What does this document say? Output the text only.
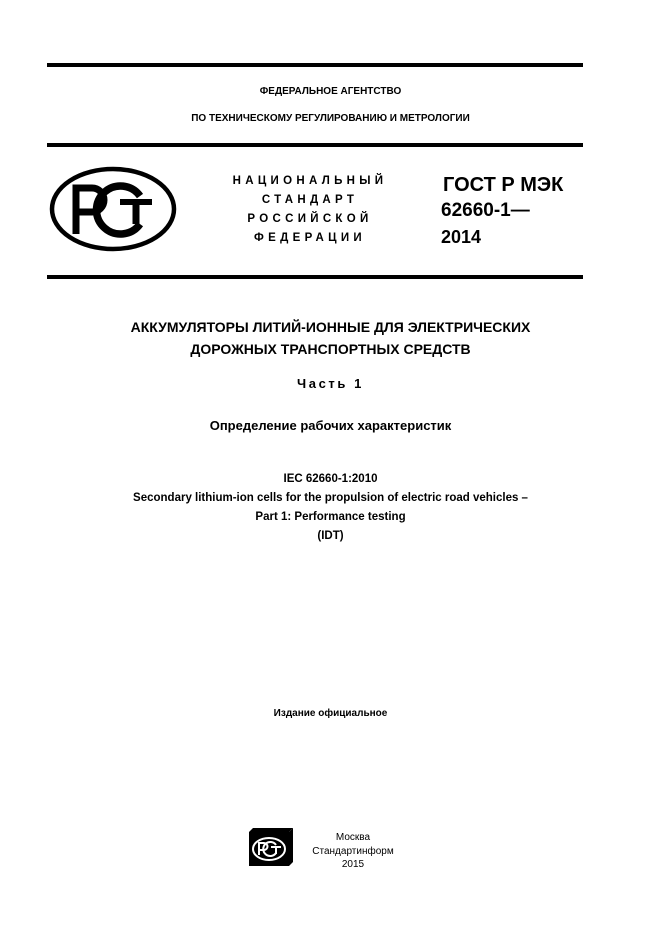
ФЕДЕРАЛЬНОЕ АГЕНТСТВО
ПО ТЕХНИЧЕСКОМУ РЕГУЛИРОВАНИЮ И МЕТРОЛОГИИ
НАЦИОНАЛЬНЫЙ
СТАНДАРТ
РОССИЙСКОЙ
ФЕДЕРАЦИИ
ГОСТ Р МЭК
62660-1—
2014
АККУМУЛЯТОРЫ ЛИТИЙ-ИОННЫЕ ДЛЯ ЭЛЕКТРИЧЕСКИХ
ДОРОЖНЫХ ТРАНСПОРТНЫХ СРЕДСТВ
Часть 1
Определение рабочих характеристик
IEC 62660-1:2010
Secondary lithium-ion cells for the propulsion of electric road vehicles –
Part 1: Performance testing
(IDT)
Издание официальное
Москва
Стандартинформ
2015
